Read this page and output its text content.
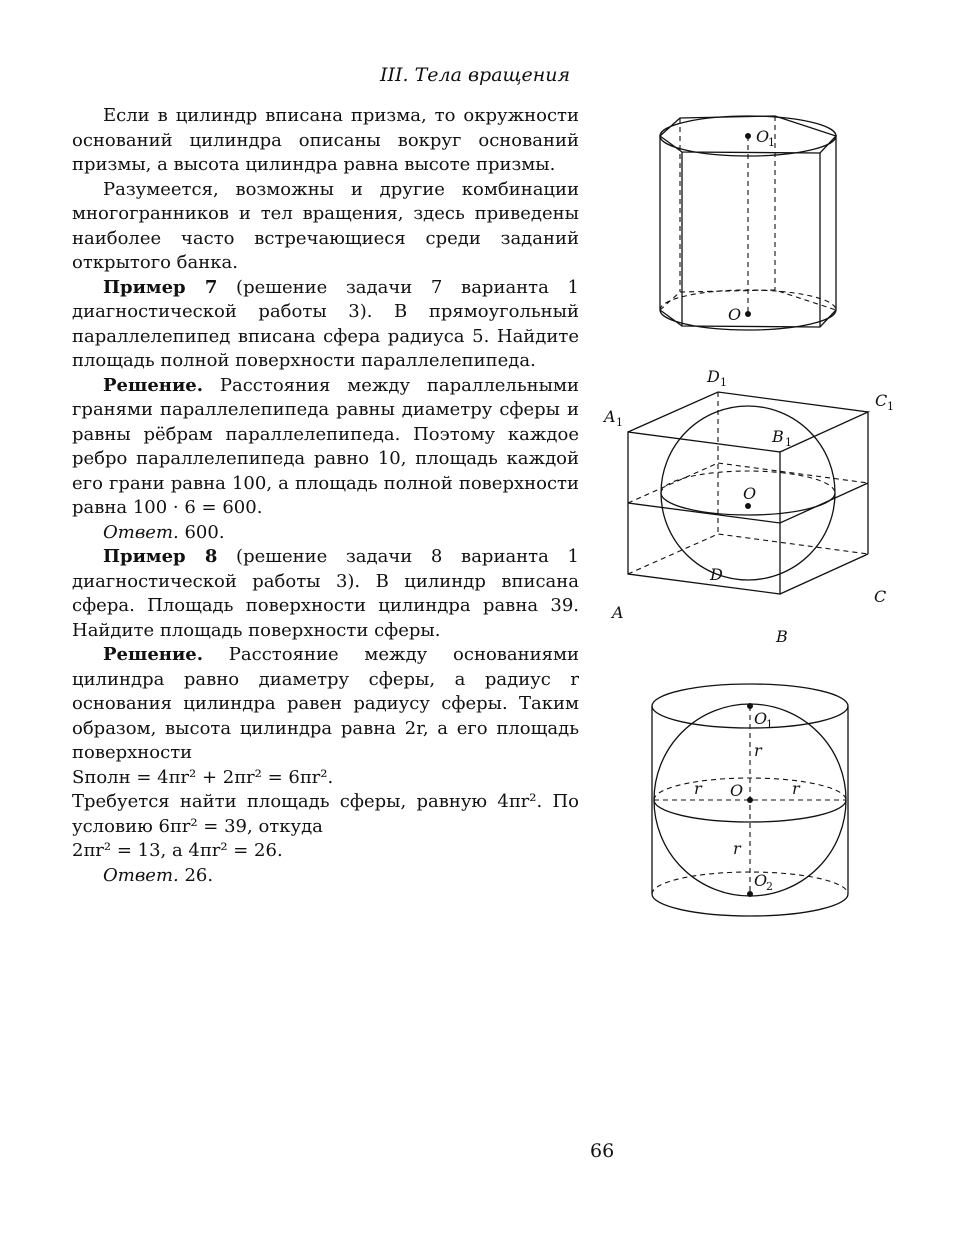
III. Тела вращения

Если в цилиндр вписана призма, то окружности оснований цилиндра описаны вокруг оснований призмы, а высота цилиндра равна высоте призмы.

Разумеется, возможны и другие комбинации многогранников и тел вращения, здесь приведены наиболее часто встречающиеся среди заданий открытого банка.

Пример 7 (решение задачи 7 варианта 1 диагностической работы 3). В прямоугольный параллелепипед вписана сфера радиуса 5. Найдите площадь полной поверхности параллелепипеда.

Решение. Расстояния между параллельными гранями параллелепипеда равны диаметру сферы и равны рёбрам параллелепипеда. Поэтому каждое ребро параллелепипеда равно 10, площадь каждой его грани равна 100, а площадь полной поверхности равна 100 · 6 = 600.

Ответ. 600.

Пример 8 (решение задачи 8 варианта 1 диагностической работы 3). В цилиндр вписана сфера. Площадь поверхности цилиндра равна 39. Найдите площадь поверхности сферы.

Решение. Расстояние между основаниями цилиндра равно диаметру сферы, а радиус r основания цилиндра равен радиусу сферы. Таким образом, высота цилиндра равна 2r, а его площадь поверхности

Sполн = 4πr² + 2πr² = 6πr².

Требуется найти площадь сферы, равную 4πr². По условию 6πr² = 39, откуда

2πr² = 13, а 4πr² = 26.

Ответ. 26.

O
1
O
O
A 1
D 1
C 1
B 1
A
B
C
D
O
1
O
O
2
r
r	r
r
66
